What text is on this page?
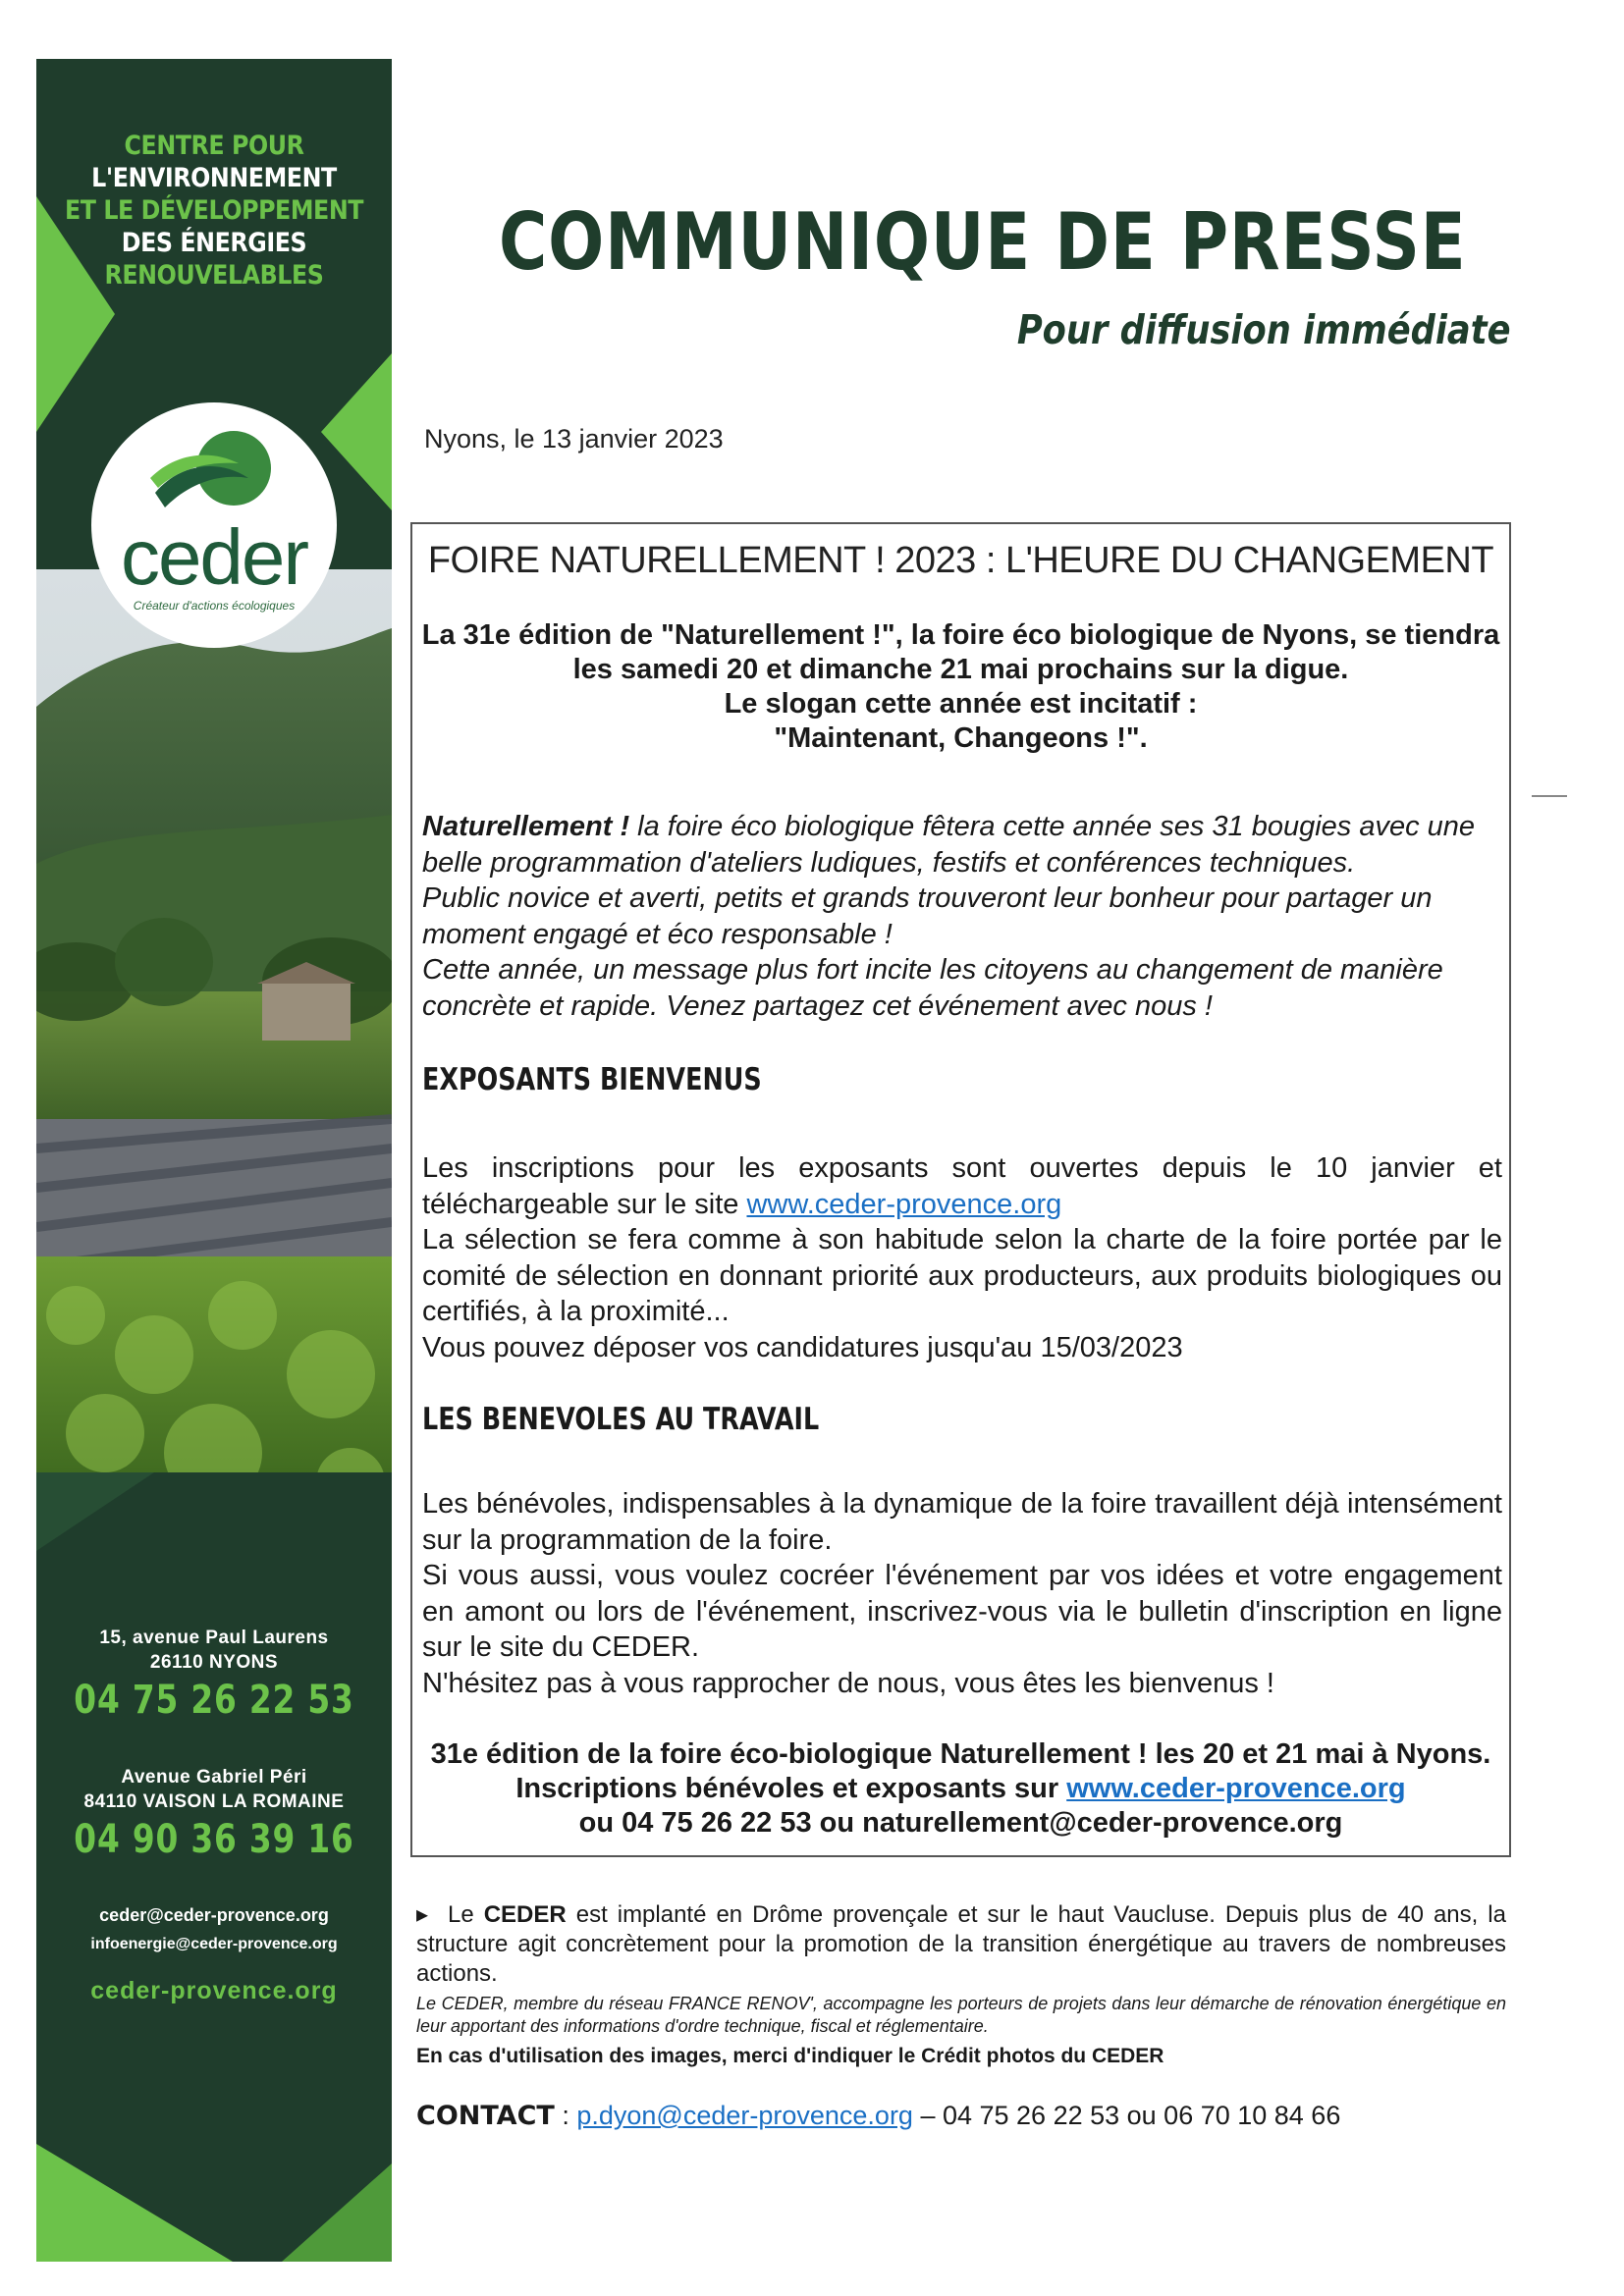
CENTRE POUR
L'ENVIRONNEMENT
ET LE DÉVELOPPEMENT
DES ÉNERGIES
RENOUVELABLES
ceder
Créateur d'actions écologiques
15, avenue Paul Laurens
26110 NYONS
04 75 26 22 53
Avenue Gabriel Péri
84110 VAISON LA ROMAINE
04 90 36 39 16
ceder@ceder-provence.org
infoenergie@ceder-provence.org
ceder-provence.org
COMMUNIQUE DE PRESSE
Pour diffusion immédiate
Nyons, le 13 janvier 2023
FOIRE NATURELLEMENT ! 2023 : L'HEURE DU CHANGEMENT
La 31e édition de "Naturellement !", la foire éco biologique de Nyons, se tiendra
les samedi 20 et dimanche 21 mai prochains sur la digue.
Le slogan cette année est incitatif :
"Maintenant, Changeons !".

Naturellement ! la foire éco biologique fêtera cette année ses 31 bougies avec une belle programmation d'ateliers ludiques, festifs et conférences techniques.

Public novice et averti, petits et grands trouveront leur bonheur pour partager un moment engagé et éco responsable !

Cette année, un message plus fort incite les citoyens au changement de manière concrète et rapide. Venez partagez cet événement avec nous !

EXPOSANTS BIENVENUS

Les inscriptions pour les exposants sont ouvertes depuis le 10 janvier et téléchargeable sur le site www.ceder-provence.org

La sélection se fera comme à son habitude selon la charte de la foire portée par le comité de sélection en donnant priorité aux producteurs, aux produits biologiques ou certifiés, à la proximité...

Vous pouvez déposer vos candidatures jusqu'au 15/03/2023

LES BENEVOLES AU TRAVAIL

Les bénévoles, indispensables à la dynamique de la foire travaillent déjà intensément sur la programmation de la foire.

Si vous aussi, vous voulez cocréer l'événement par vos idées et votre engagement en amont ou lors de l'événement, inscrivez-vous via le bulletin d'inscription en ligne sur le site du CEDER.

N'hésitez pas à vous rapprocher de nous, vous êtes les bienvenus !

31e édition de la foire éco-biologique Naturellement ! les 20 et 21 mai à Nyons.
Inscriptions bénévoles et exposants sur www.ceder-provence.org
ou 04 75 26 22 53 ou naturellement@ceder-provence.org
▸ Le CEDER est implanté en Drôme provençale et sur le haut Vaucluse. Depuis plus de 40 ans, la structure agit concrètement pour la promotion de la transition énergétique au travers de nombreuses actions.
Le CEDER, membre du réseau FRANCE RENOV', accompagne les porteurs de projets dans leur démarche de rénovation énergétique en leur apportant des informations d'ordre technique, fiscal et réglementaire.
En cas d'utilisation des images, merci d'indiquer le Crédit photos du CEDER
CONTACT : p.dyon@ceder-provence.org – 04 75 26 22 53 ou 06 70 10 84 66
